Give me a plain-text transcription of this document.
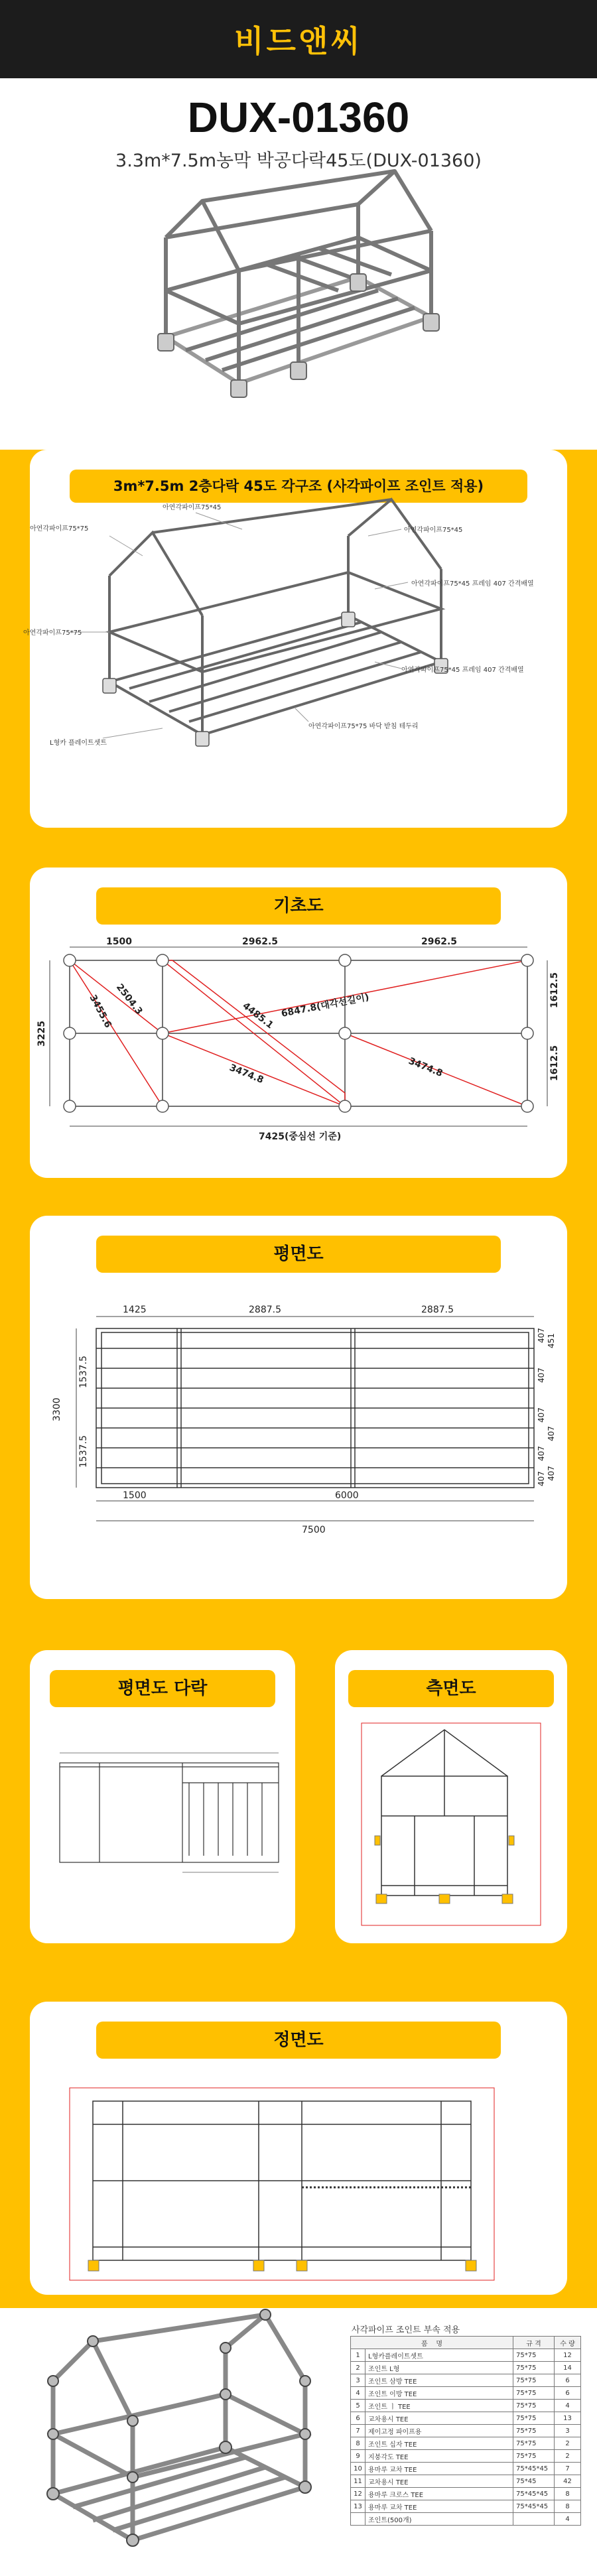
비드앤씨
DUX-01360
3.3m*7.5m농막 박공다락45도(DUX-01360)
3m*7.5m 2층다락 45도 각구조 (사각파이프 조인트 적용)
아연각파이프75*45
아연각파이프75*75	아연각파이프75*45
아연각파이프75*45 프레임 407 간격배열
아연각파이프75*75
아연각파이프75*45 프레임 407 간격배열
아연각파이프75*75 바닥 받침 테두리
L형카 플레이트셋트
기초도
1500	2962.5	2962.5
3225
1612.5
1612.5
7425(중심선 기준)
2504.3
3455.6	4485.1
3474.8
6847.8(대각선길이)
3474.8
평면도
1425	2887.5	2887.5
3300
1537.5
1537.5
1500	6000
7500
451
407
407
407
407
407
407
407
평면도 다락	측면도
정면도
사각파이프 조인트 부속 적용
품 명		규 격	수 량
1	L형카플레이트셋트	75*75	12
2	조인트 L형	75*75	14
3	조인트 삼방 TEE	75*75	6
4	조인트 이방 TEE	75*75	6
5	조인트 ㅣ TEE	75*75	4
6	교차용시 TEE	75*75	13
7	제이고정 파이프용	75*75	3
8	조인트 십자 TEE	75*75	2
9	지붕각도 TEE	75*75	2
10	용마루 교차 TEE	75*45*45	7
11	교차용시 TEE	75*45	42
12	용마루 크로스 TEE	75*45*45	8
13	용마루 교차 TEE	75*45*45	8
	조인트(500개)		4
